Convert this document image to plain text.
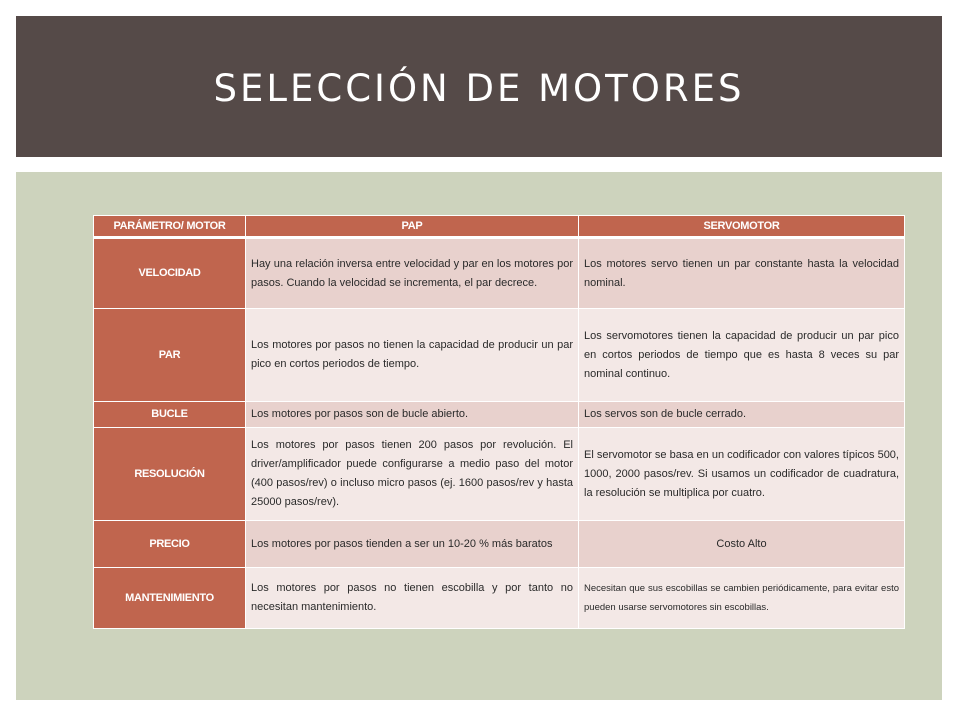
SELECCIÓN DE MOTORES
PARÁMETRO/ MOTOR	PAP	SERVOMOTOR
VELOCIDAD	Hay una relación inversa entre velocidad y par en los motores por pasos. Cuando la velocidad se incrementa, el par decrece.	Los motores servo tienen un par constante hasta la velocidad nominal.
PAR	Los motores por pasos no tienen la capacidad de producir un par pico en cortos periodos de tiempo.	Los servomotores tienen la capacidad de producir un par pico en cortos periodos de tiempo que es hasta 8 veces su par nominal continuo.
BUCLE	Los motores por pasos son de bucle abierto.	Los servos son de bucle cerrado.
RESOLUCIÓN	Los motores por pasos tienen 200 pasos por revolución. El driver/amplificador puede configurarse a medio paso del motor (400 pasos/rev) o incluso micro pasos (ej. 1600 pasos/rev y hasta 25000 pasos/rev).	El servomotor se basa en un codificador con valores típicos 500, 1000, 2000 pasos/rev. Si usamos un codificador de cuadratura, la resolución se multiplica por cuatro.
PRECIO	Los motores por pasos tienden a ser un 10-20 % más baratos	Costo Alto
MANTENIMIENTO	Los motores por pasos no tienen escobilla y por tanto no necesitan mantenimiento.	Necesitan que sus escobillas se cambien periódicamente, para evitar esto pueden usarse servomotores sin escobillas.
